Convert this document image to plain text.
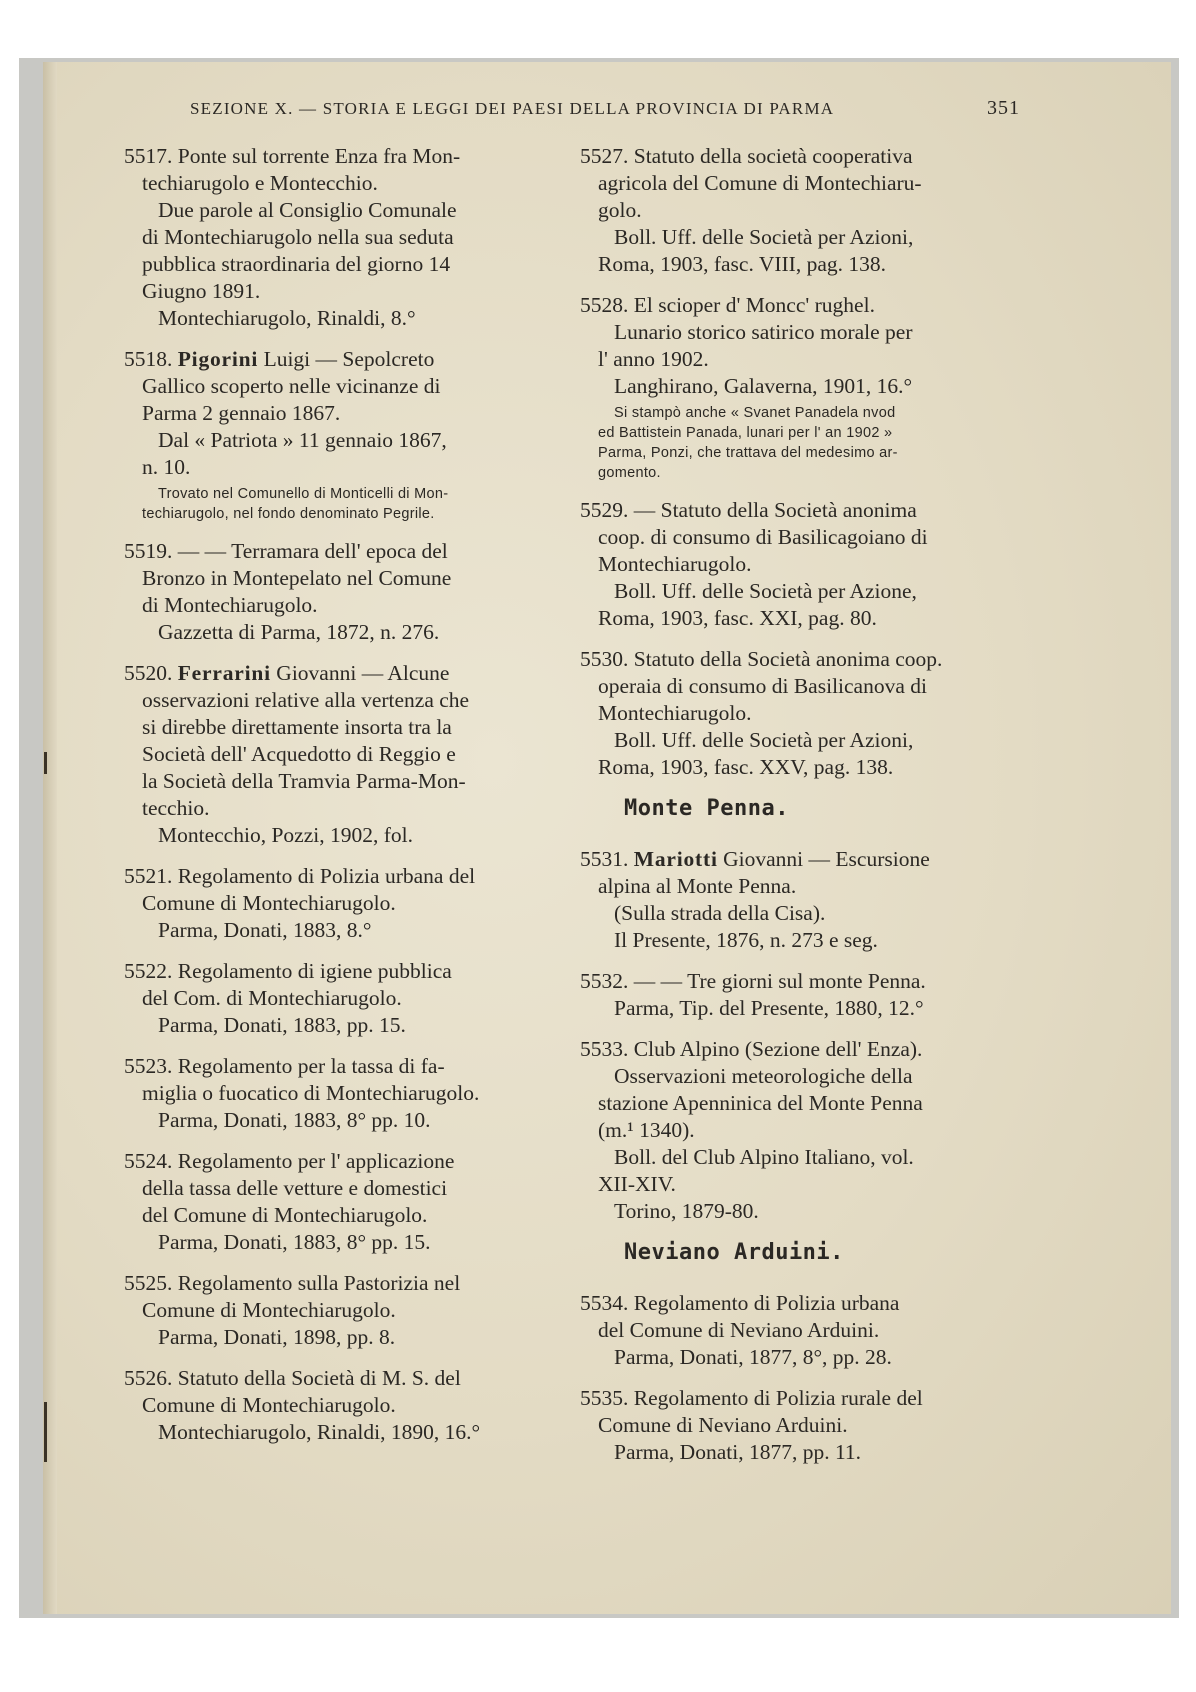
SEZIONE X. — STORIA E LEGGI DEI PAESI DELLA PROVINCIA DI PARMA	351
5517. Ponte sul torrente Enza fra Mon-
techiarugolo e Montecchio.
Due parole al Consiglio Comunale
di Montechiarugolo nella sua seduta
pubblica straordinaria del giorno 14
Giugno 1891.
Montechiarugolo, Rinaldi, 8.°
5518. Pigorini Luigi — Sepolcreto
Gallico scoperto nelle vicinanze di
Parma 2 gennaio 1867.
Dal « Patriota » 11 gennaio 1867,
n. 10.
Trovato nel Comunello di Monticelli di Mon-
techiarugolo, nel fondo denominato Pegrile.
5519. — — Terramara dell' epoca del
Bronzo in Montepelato nel Comune
di Montechiarugolo.
Gazzetta di Parma, 1872, n. 276.
5520. Ferrarini Giovanni — Alcune
osservazioni relative alla vertenza che
si direbbe direttamente insorta tra la
Società dell' Acquedotto di Reggio e
la Società della Tramvia Parma-Mon-
tecchio.
Montecchio, Pozzi, 1902, fol.
5521. Regolamento di Polizia urbana del
Comune di Montechiarugolo.
Parma, Donati, 1883, 8.°
5522. Regolamento di igiene pubblica
del Com. di Montechiarugolo.
Parma, Donati, 1883, pp. 15.
5523. Regolamento per la tassa di fa-
miglia o fuocatico di Montechiarugolo.
Parma, Donati, 1883, 8° pp. 10.
5524. Regolamento per l' applicazione
della tassa delle vetture e domestici
del Comune di Montechiarugolo.
Parma, Donati, 1883, 8° pp. 15.
5525. Regolamento sulla Pastorizia nel
Comune di Montechiarugolo.
Parma, Donati, 1898, pp. 8.
5526. Statuto della Società di M. S. del
Comune di Montechiarugolo.
Montechiarugolo, Rinaldi, 1890, 16.°
5527. Statuto della società cooperativa
agricola del Comune di Montechiaru-
golo.
Boll. Uff. delle Società per Azioni,
Roma, 1903, fasc. VIII, pag. 138.
5528. El scioper d' Moncc' rughel.
Lunario storico satirico morale per
l' anno 1902.
Langhirano, Galaverna, 1901, 16.°
Si stampò anche « Svanet Panadela nvod
ed Battistein Panada, lunari per l' an 1902 »
Parma, Ponzi, che trattava del medesimo ar-
gomento.
5529. — Statuto della Società anonima
coop. di consumo di Basilicagoiano di
Montechiarugolo.
Boll. Uff. delle Società per Azione,
Roma, 1903, fasc. XXI, pag. 80.
5530. Statuto della Società anonima coop.
operaia di consumo di Basilicanova di
Montechiarugolo.
Boll. Uff. delle Società per Azioni,
Roma, 1903, fasc. XXV, pag. 138.
Monte Penna.
5531. Mariotti Giovanni — Escursione
alpina al Monte Penna.
(Sulla strada della Cisa).
Il Presente, 1876, n. 273 e seg.
5532. — — Tre giorni sul monte Penna.
Parma, Tip. del Presente, 1880, 12.°
5533. Club Alpino (Sezione dell' Enza).
Osservazioni meteorologiche della
stazione Apenninica del Monte Penna
(m.¹ 1340).
Boll. del Club Alpino Italiano, vol.
XII-XIV.
Torino, 1879-80.
Neviano Arduini.
5534. Regolamento di Polizia urbana
del Comune di Neviano Arduini.
Parma, Donati, 1877, 8°, pp. 28.
5535. Regolamento di Polizia rurale del
Comune di Neviano Arduini.
Parma, Donati, 1877, pp. 11.
